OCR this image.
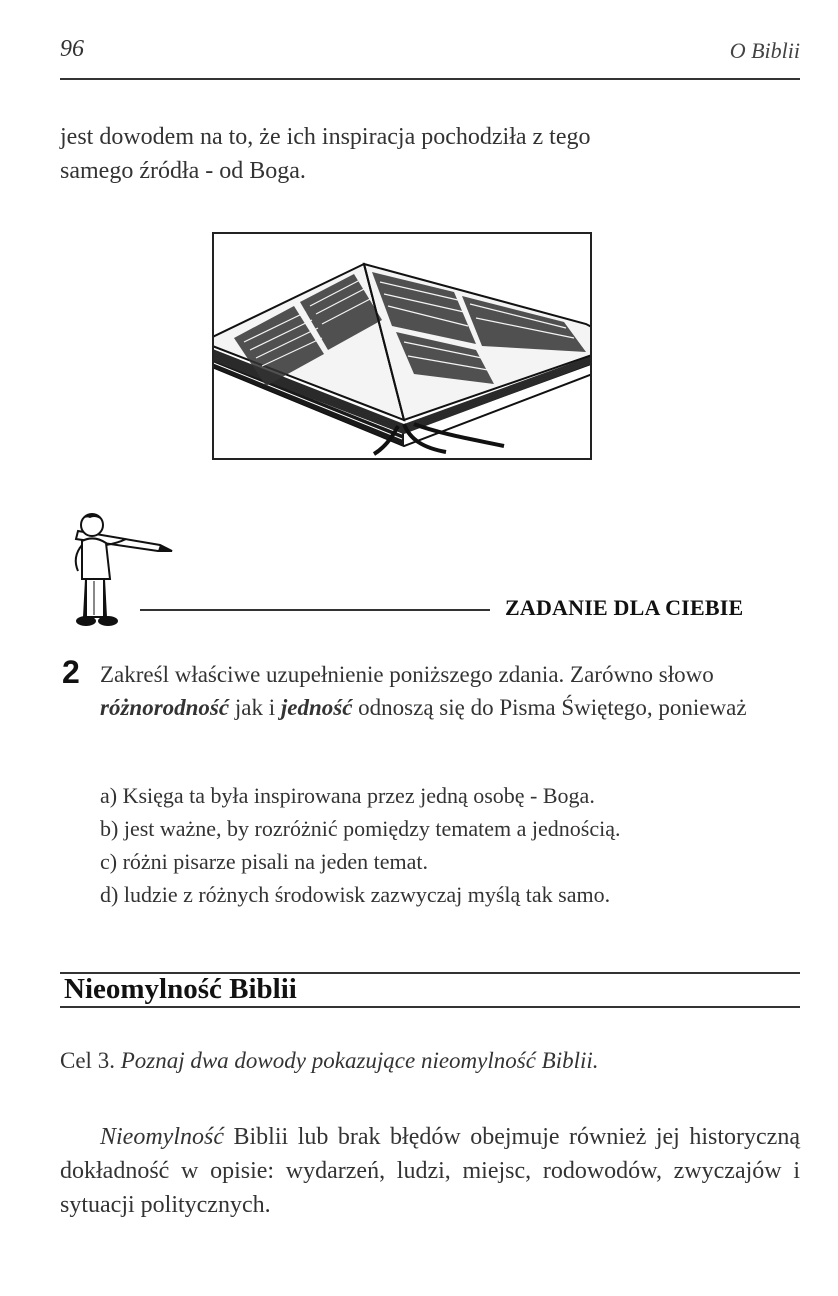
96	O Biblii
jest dowodem na to, że ich inspiracja pochodziła z tego
samego źródła - od Boga.
ZADANIE DLA CIEBIE
2 Zakreśl właściwe uzupełnienie poniższego zdania. Zarówno słowo różnorodność jak i jedność odnoszą się do Pisma Świętego, ponieważ
a) Księga ta była inspirowana przez jedną osobę - Boga.
b) jest ważne, by rozróżnić pomiędzy tematem a jednością.
c) różni pisarze pisali na jeden temat.
d) ludzie z różnych środowisk zazwyczaj myślą tak samo.
Nieomylność Biblii
Cel 3. Poznaj dwa dowody pokazujące nieomylność Biblii.
Nieomylność Biblii lub brak błędów obejmuje również jej historyczną dokładność w opisie: wydarzeń, ludzi, miejsc, rodowodów, zwyczajów i sytuacji politycznych.
